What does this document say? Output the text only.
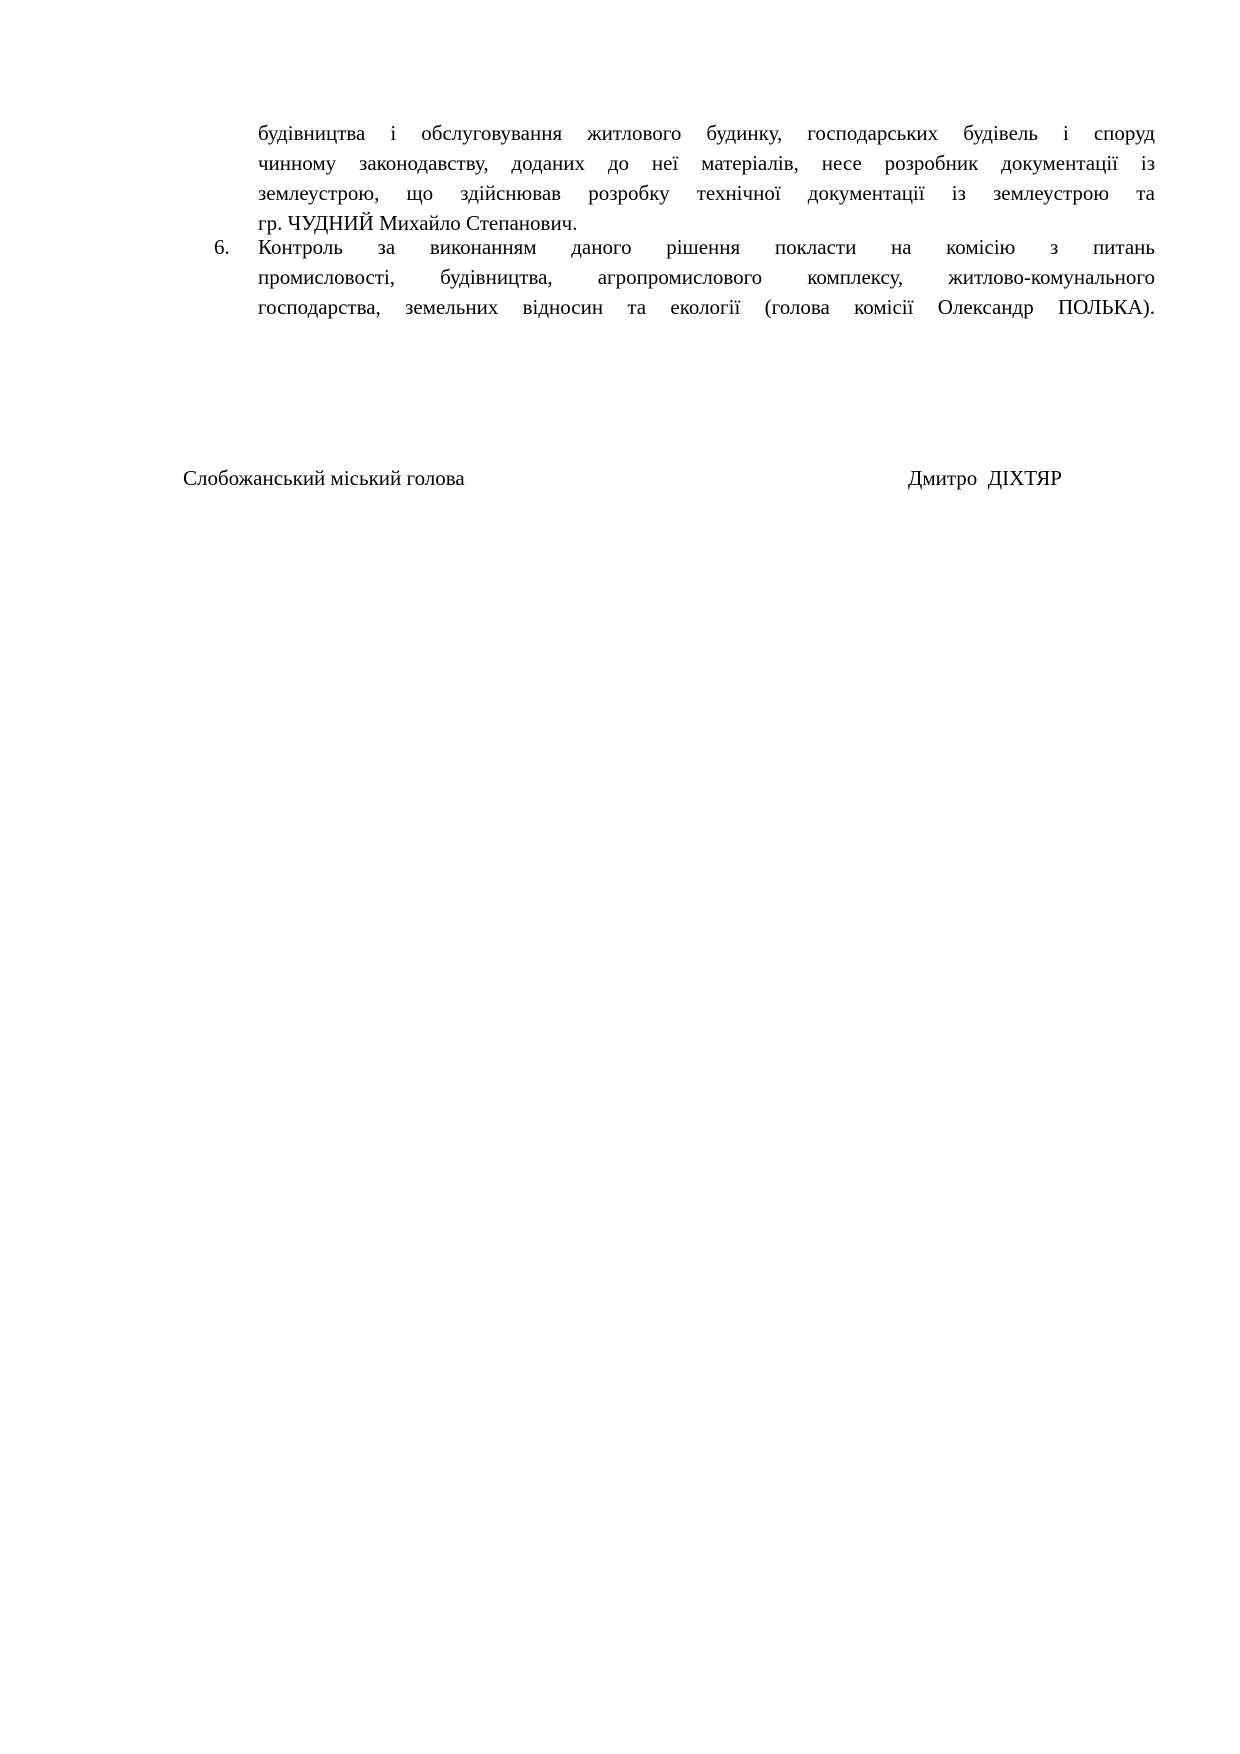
будівництва і обслуговування житлового будинку, господарських будівель і споруд
чинному законодавству, доданих до неї матеріалів, несе розробник документації із
землеустрою, що здійснював розробку технічної документації із землеустрою та
гр. ЧУДНИЙ Михайло Степанович.
6.	Контроль за виконанням даного рішення покласти на комісію з питань
промисловості, будівництва, агропромислового комплексу, житлово-комунального
господарства, земельних відносин та екології (голова комісії Олександр ПОЛЬКА).
Слобожанський міський голова	Дмитро  ДІХТЯР
